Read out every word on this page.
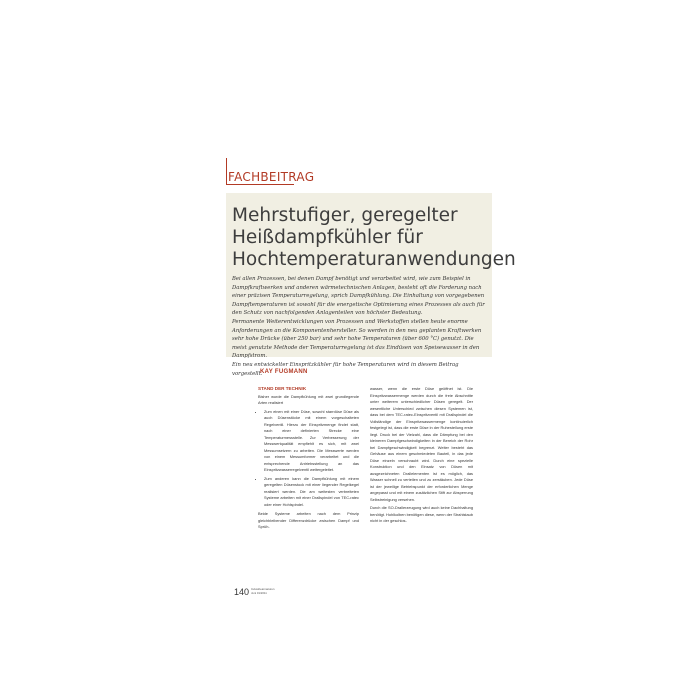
FACHBEITRAG
Mehrstufiger, geregelter Heißdampfkühler für Hochtemperaturanwendungen

Bei allen Prozessen, bei denen Dampf benötigt und verarbeitet wird, wie zum Beispiel in Dampfkraftwerken und anderen wärmetechnischen Anlagen, besteht oft die Forderung nach einer präzisen Temperaturregelung, sprich Dampfkühlung. Die Einhaltung von vorgegebenen Dampftemperaturen ist sowohl für die energetische Optimierung eines Prozesses als auch für den Schutz von nachfolgenden Anlagenteilen von höchster Bedeutung.

Permanente Weiterentwicklungen von Prozessen und Werkstoffen stellen heute enorme Anforderungen an die Komponentenhersteller. So werden in den neu geplanten Kraftwerken sehr hohe Drücke (über 250 bar) und sehr hohe Temperaturen (über 600 °C) genutzt. Die meist genutzte Methode der Temperaturregelung ist das Eindüsen von Speisewasser in den Dampfstrom.

Ein neu entwickelter Einspritzkühler für hohe Temperaturen wird in diesem Beitrag vorgestellt.

KAY FUGMANN
STAND DER TECHNIK

Bisher wurde die Dampfkühlung mit zwei grundlegende Arten realisiert

• Zum einen mit einer Düse, sowohl starrdüse Düse als auch Düsenstöcke mit einem vorgeschalteten Regelventil. Hierzu der Einspritzmenge findet statt, nach einer definierten Strecke eine Temperaturmessstelle. Zur Verbesserung der Messwertqualität empfiehlt es sich, mit zwei Messumsetzern zu arbeiten. Die Messwerte werden von einem Messumformer verarbeitet und die entsprechende Antriebsstellung an das Einspritzwasserregelventil weitergeleitet.
• Zum anderen kann die Dampfkühlung mit einem geregelten Düsenstock mit einer liegender Regelkegel realisiert werden. Die am weitesten verbreiteten Systeme arbeiten mit einer Drallspindel von TEC-ratec oder einer Hohlspindel.

Beide Systeme arbeiten nach dem Prinzip gleichbleibender Differenzdrücke zwischen Dampf und Sprüh-

wasser, wenn die erste Düse geöffnet ist. Die Einspritzwassermenge werden durch die freie Abschnitte unter weiterem unterschiedlicher Düsen geregelt. Der wesentliche Unterschied zwischen diesen Systemen ist, dass bei dem TEC-ratec-Einspritzventil mit Drallspindel die Vollständige der Einspritzwassermenge kontinuierlich festgelegt ist, dass die erste Düse in der Ruhestellung erste liegt. Druck bei der Vielzahl, dass die Dämpfung bei den kleineren Dampfgeschwindigkeiten in der Bereich der Rohr bei Dampfgeschwindigkeit begrenzt. Weiter besteht das Gehäuse aus einem geschmiedeten Bauteil, in das jede Düse einzeln verschraubt wird. Durch eine spezielle Konstruktion und den Einsatz von Düsen mit ausgezeichneten Drallelementen ist es möglich, das Wasser schnell zu verteilen und zu zerstäuben. Jede Düse ist der jeweilige Betriebspunkt der erforderlichen Menge angepasst und mit einem zusätzlichen Stift zur Absperrung Selbstreinigung versehen.

Durch die SO-Drallerzeugung wird auch keine Dachhaltung benötigt. Hohlkolben benötigen diese, wenn der Strahlstaub nicht in der geschlos-

140 Industriearmaturen
Juni 01/2011
